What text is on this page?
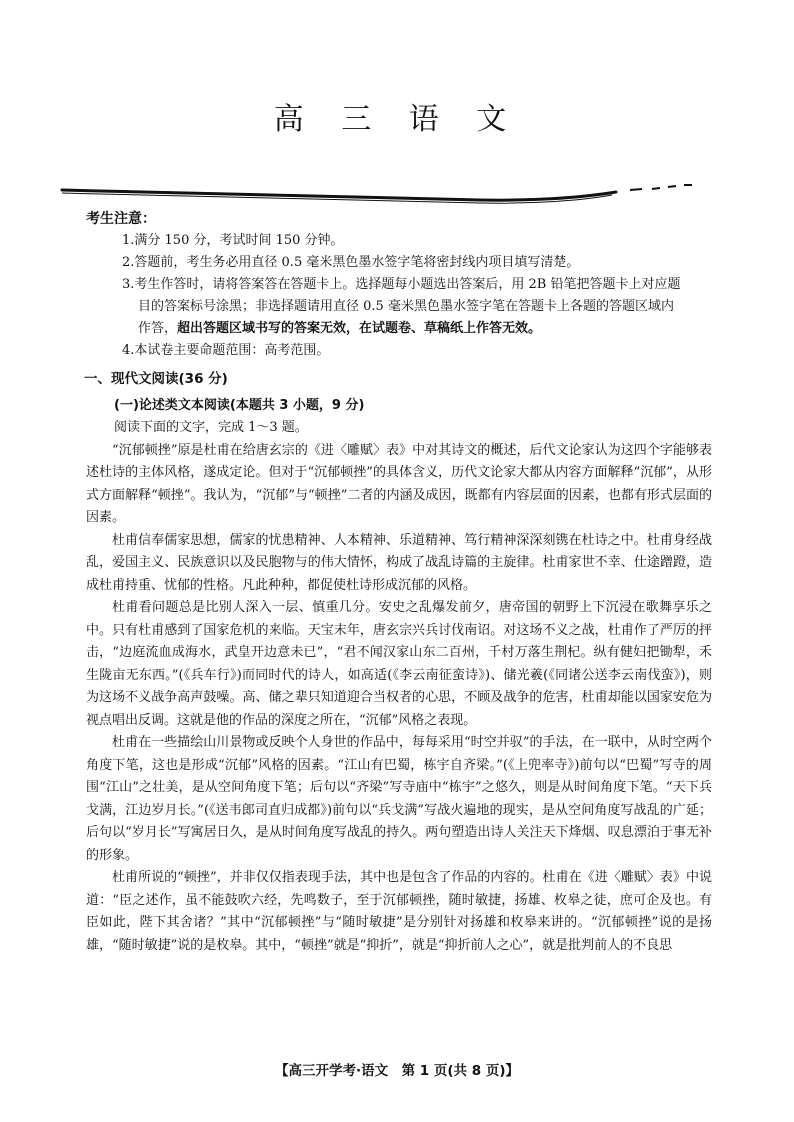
高 三 语 文
考生注意：
1.满分 150 分，考试时间 150 分钟。
2.答题前，考生务必用直径 0.5 毫米黑色墨水签字笔将密封线内项目填写清楚。
3.考生作答时，请将答案答在答题卡上。选择题每小题选出答案后，用 2B 铅笔把答题卡上对应题
目的答案标号涂黑；非选择题请用直径 0.5 毫米黑色墨水签字笔在答题卡上各题的答题区域内
作答，超出答题区域书写的答案无效，在试题卷、草稿纸上作答无效。
4.本试卷主要命题范围：高考范围。
一、现代文阅读(36 分)
(一)论述类文本阅读(本题共 3 小题，9 分)
阅读下面的文字，完成 1～3 题。

“沉郁顿挫”原是杜甫在给唐玄宗的《进〈雕赋〉表》中对其诗文的概述，后代文论家认为这四个字能够表述杜诗的主体风格，遂成定论。但对于“沉郁顿挫”的具体含义，历代文论家大都从内容方面解释“沉郁”，从形式方面解释“顿挫”。我认为，“沉郁”与“顿挫”二者的内涵及成因，既都有内容层面的因素，也都有形式层面的因素。

杜甫信奉儒家思想，儒家的忧患精神、人本精神、乐道精神、笃行精神深深刻镌在杜诗之中。杜甫身经战乱，爱国主义、民族意识以及民胞物与的伟大情怀，构成了战乱诗篇的主旋律。杜甫家世不幸、仕途蹭蹬，造成杜甫持重、忧郁的性格。凡此种种，都促使杜诗形成沉郁的风格。

杜甫看问题总是比别人深入一层、慎重几分。安史之乱爆发前夕，唐帝国的朝野上下沉浸在歌舞享乐之中。只有杜甫感到了国家危机的来临。天宝末年，唐玄宗兴兵讨伐南诏。对这场不义之战，杜甫作了严厉的抨击，“边庭流血成海水，武皇开边意未已”，“君不闻汉家山东二百州，千村万落生荆杞。纵有健妇把锄犁，禾生陇亩无东西。”(《兵车行》)而同时代的诗人，如高适(《李云南征蛮诗》)、储光羲(《同诸公送李云南伐蛮》)，则为这场不义战争高声鼓噪。高、储之辈只知道迎合当权者的心思，不顾及战争的危害，杜甫却能以国家安危为视点唱出反调。这就是他的作品的深度之所在，“沉郁”风格之表现。

杜甫在一些描绘山川景物或反映个人身世的作品中，每每采用“时空并驭”的手法，在一联中，从时空两个角度下笔，这也是形成“沉郁”风格的因素。“江山有巴蜀，栋宇自齐梁。”(《上兜率寺》)前句以“巴蜀”写寺的周围“江山”之壮美，是从空间角度下笔；后句以“齐梁”写寺庙中“栋宇”之悠久，则是从时间角度下笔。“天下兵戈满，江边岁月长。”(《送韦郎司直归成都》)前句以“兵戈满”写战火遍地的现实，是从空间角度写战乱的广延；后句以“岁月长”写寓居日久，是从时间角度写战乱的持久。两句塑造出诗人关注天下烽烟、叹息漂泊于事无补的形象。

杜甫所说的“顿挫”，并非仅仅指表现手法，其中也是包含了作品的内容的。杜甫在《进〈雕赋〉表》中说道：“臣之述作，虽不能鼓吹六经，先鸣数子，至于沉郁顿挫，随时敏捷，扬雄、枚皋之徒，庶可企及也。有臣如此，陛下其舍诸？”其中“沉郁顿挫”与“随时敏捷”是分别针对扬雄和枚皋来讲的。“沉郁顿挫”说的是扬雄，“随时敏捷”说的是枚皋。其中，“顿挫”就是“抑折”，就是“抑折前人之心”，就是批判前人的不良思

【高三开学考·语文　第 1 页(共 8 页)】
